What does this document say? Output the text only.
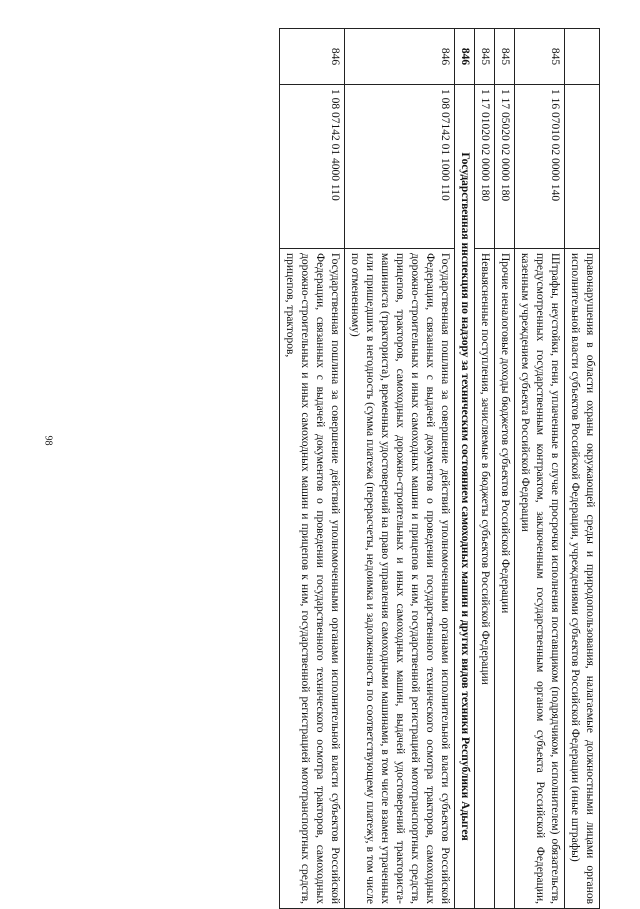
98
			правонарушения в области охраны окружающей среды и природопользования, налагаемые должностными лицами органов исполнительной власти субъектов Российской Федерации, учреждениями субъектов Российской Федерации (иные штрафы)
845	1 16 07010 02 0000 140	Штрафы, неустойки, пени, уплаченные в случае просрочки исполнения поставщиком (подрядчиком, исполнителем) обязательств, предусмотренных государственным контрактом, заключенным государственным органом субъекта Российской Федерации, казенным учреждением субъекта Российской Федерации
845	1 17 05020 02 0000 180	Прочие неналоговые доходы бюджетов субъектов Российской Федерации
845	1 17 01020 02 0000 180	Невыясненные поступления, зачисляемые в бюджеты субъектов Российской Федерации
846	Государственная инспекция по надзору за техническим состоянием самоходных машин и других видов техники Республики Адыгея	
846	1 08 07142 01 1000 110	Государственная пошлина за совершение действий уполномоченными органами исполнительной власти субъектов Российской Федерации, связанных с выдачей документов о проведении государственного технического осмотра тракторов, самоходных дорожно-строительных и иных самоходных машин и прицепов к ним, государственной регистрацией мототранспортных средств, прицепов, тракторов, самоходных дорожно-строительных и иных самоходных машин, выдачей удостоверений тракториста-машиниста (тракториста), временных удостоверений на право управления самоходными машинами, в том числе взамен утраченных или пришедших в негодность (сумма платежа (перерасчеты, недоимка и задолженность по соответствующему платежу, в том числе по отмененному)
846	1 08 07142 01 4000 110	Государственная пошлина за совершение действий уполномоченными органами исполнительной власти субъектов Российской Федерации, связанных с выдачей документов о проведении государственного технического осмотра тракторов, самоходных дорожно-строительных и иных самоходных машин и прицепов к ним, государственной регистрацией мототранспортных средств, прицепов, тракторов,
